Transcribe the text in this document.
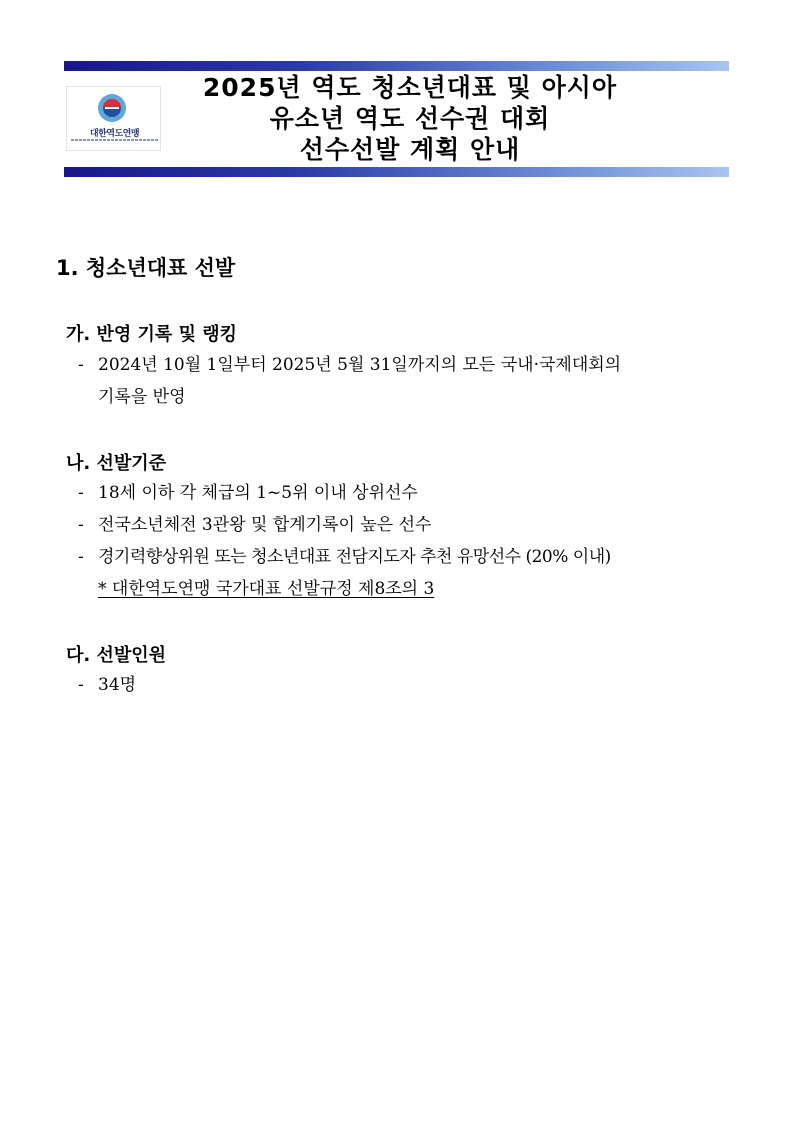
대한역도연맹
2025년 역도 청소년대표 및 아시아
유소년 역도 선수권 대회
선수선발 계획 안내
1. 청소년대표 선발
가. 반영 기록 및 랭킹
- 2024년 10월 1일부터 2025년 5월 31일까지의 모든 국내·국제대회의
기록을 반영
나. 선발기준
- 18세 이하 각 체급의 1~5위 이내 상위선수
- 전국소년체전 3관왕 및 합계기록이 높은 선수
- 경기력향상위원 또는 청소년대표 전담지도자 추천 유망선수 (20% 이내)
* 대한역도연맹 국가대표 선발규정 제8조의 3
다. 선발인원
- 34명
